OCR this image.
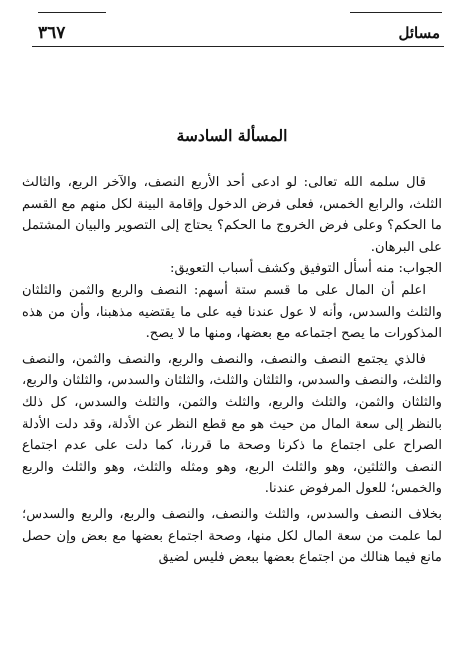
مسائل
٣٦٧
المسألة السادسة

قال سلمه الله تعالى: لو ادعى أحد الأربع النصف، والآخر الربع، والثالث الثلث، والرابع الخمس، فعلى فرض الدخول وإقامة البينة لكل منهم مع القسم ما الحكم؟ وعلى فرض الخروج ما الحكم؟ يحتاج إلى التصوير والبيان المشتمل على البرهان.

الجواب: منه أسأل التوفيق وكشف أسباب التعويق:

اعلم أن المال على ما قسم ستة أسهم: النصف والربع والثمن والثلثان والثلث والسدس، وأنه لا عول عندنا فيه على ما يقتضيه مذهبنا، وأن من هذه المذكورات ما يصح اجتماعه مع بعضها، ومنها ما لا يصح.

فالذي يجتمع النصف والنصف، والنصف والربع، والنصف والثمن، والنصف والثلث، والنصف والسدس، والثلثان والثلث، والثلثان والسدس، والثلثان والربع، والثلثان والثمن، والثلث والربع، والثلث والثمن، والثلث والسدس، كل ذلك بالنظر إلى سعة المال من حيث هو مع قطع النظر عن الأدلة، وقد دلت الأدلة الصراح على اجتماع ما ذكرنا وصحة ما قررنا، كما دلت على عدم اجتماع النصف والثلثين، وهو والثلث الربع، وهو ومثله والثلث، وهو والثلث والربع والخمس؛ للعول المرفوض عندنا.

بخلاف النصف والسدس، والثلث والنصف، والنصف والربع، والربع والسدس؛ لما علمت من سعة المال لكل منها، وصحة اجتماع بعضها مع بعض وإن حصل مانع فيما هنالك من اجتماع بعضها ببعض فليس لضيق
